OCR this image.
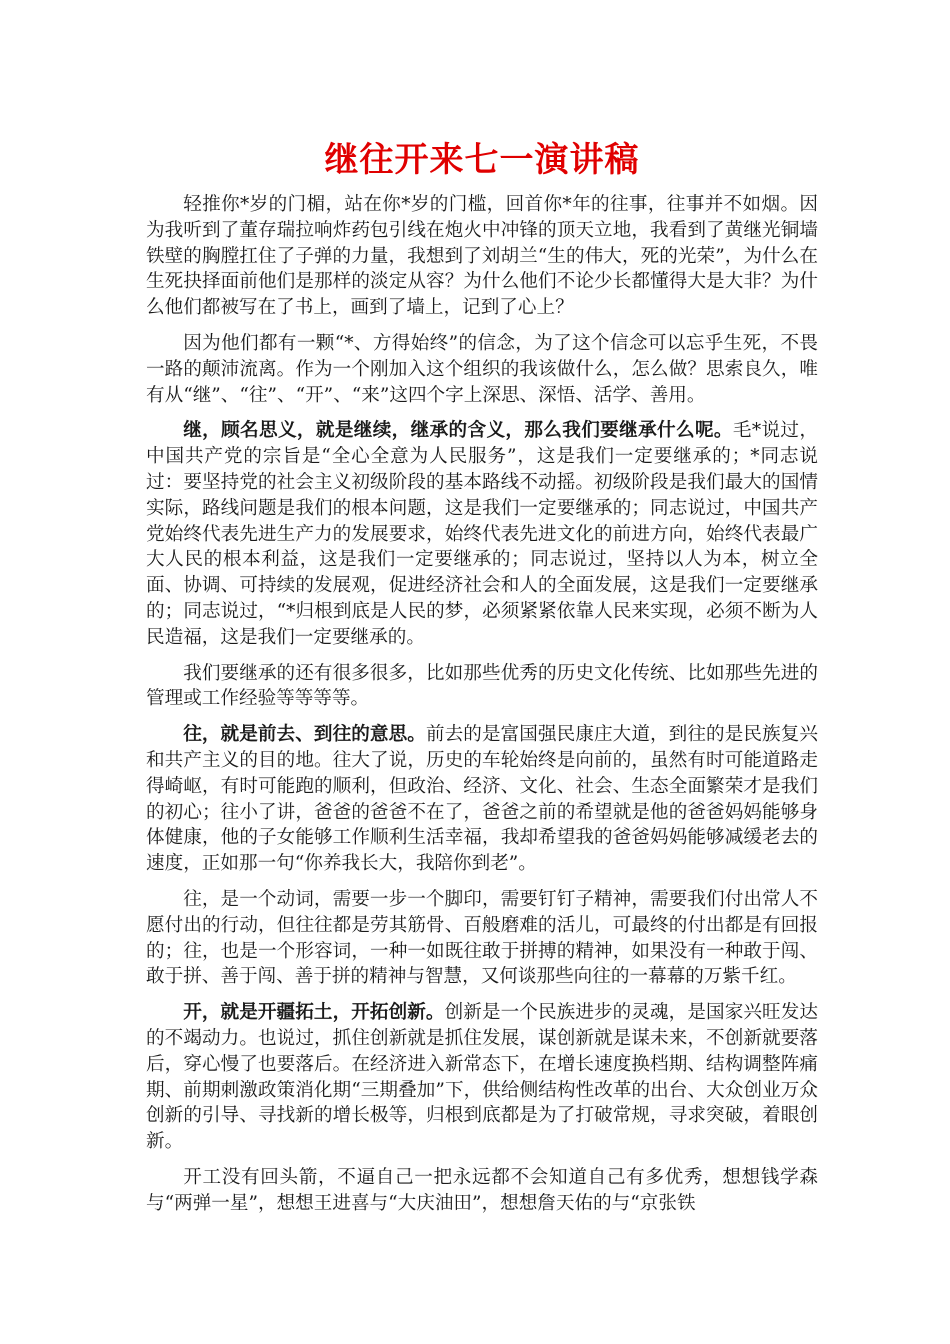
继往开来七一演讲稿

轻推你*岁的门楣，站在你*岁的门槛，回首你*年的往事，往事并不如烟。因为我听到了董存瑞拉响炸药包引线在炮火中冲锋的顶天立地，我看到了黄继光铜墙铁壁的胸膛扛住了子弹的力量，我想到了刘胡兰“生的伟大，死的光荣”，为什么在生死抉择面前他们是那样的淡定从容？为什么他们不论少长都懂得大是大非？为什么他们都被写在了书上，画到了墙上，记到了心上？

因为他们都有一颗“*、方得始终”的信念，为了这个信念可以忘乎生死，不畏一路的颠沛流离。作为一个刚加入这个组织的我该做什么，怎么做？思索良久，唯有从“继”、“往”、“开”、“来”这四个字上深思、深悟、活学、善用。

继，顾名思义，就是继续，继承的含义，那么我们要继承什么呢。毛*说过，中国共产党的宗旨是“全心全意为人民服务”，这是我们一定要继承的；*同志说过：要坚持党的社会主义初级阶段的基本路线不动摇。初级阶段是我们最大的国情实际，路线问题是我们的根本问题，这是我们一定要继承的；同志说过，中国共产党始终代表先进生产力的发展要求，始终代表先进文化的前进方向，始终代表最广大人民的根本利益，这是我们一定要继承的；同志说过，坚持以人为本，树立全面、协调、可持续的发展观，促进经济社会和人的全面发展，这是我们一定要继承的；同志说过，“*归根到底是人民的梦，必须紧紧依靠人民来实现，必须不断为人民造福，这是我们一定要继承的。

我们要继承的还有很多很多，比如那些优秀的历史文化传统、比如那些先进的管理或工作经验等等等等。

往，就是前去、到往的意思。前去的是富国强民康庄大道，到往的是民族复兴和共产主义的目的地。往大了说，历史的车轮始终是向前的，虽然有时可能道路走得崎岖，有时可能跑的顺利，但政治、经济、文化、社会、生态全面繁荣才是我们的初心；往小了讲，爸爸的爸爸不在了，爸爸之前的希望就是他的爸爸妈妈能够身体健康，他的子女能够工作顺利生活幸福，我却希望我的爸爸妈妈能够减缓老去的速度，正如那一句“你养我长大，我陪你到老”。

往，是一个动词，需要一步一个脚印，需要钉钉子精神，需要我们付出常人不愿付出的行动，但往往都是劳其筋骨、百般磨难的活儿，可最终的付出都是有回报的；往，也是一个形容词，一种一如既往敢于拼搏的精神，如果没有一种敢于闯、敢于拼、善于闯、善于拼的精神与智慧，又何谈那些向往的一幕幕的万紫千红。

开，就是开疆拓土，开拓创新。创新是一个民族进步的灵魂，是国家兴旺发达的不竭动力。也说过，抓住创新就是抓住发展，谋创新就是谋未来，不创新就要落后，穿心慢了也要落后。在经济进入新常态下，在增长速度换档期、结构调整阵痛期、前期刺激政策消化期“三期叠加”下，供给侧结构性改革的出台、大众创业万众创新的引导、寻找新的增长极等，归根到底都是为了打破常规，寻求突破，着眼创新。

开工没有回头箭，不逼自己一把永远都不会知道自己有多优秀，想想钱学森与“两弹一星”，想想王进喜与“大庆油田”，想想詹天佑的与“京张铁
